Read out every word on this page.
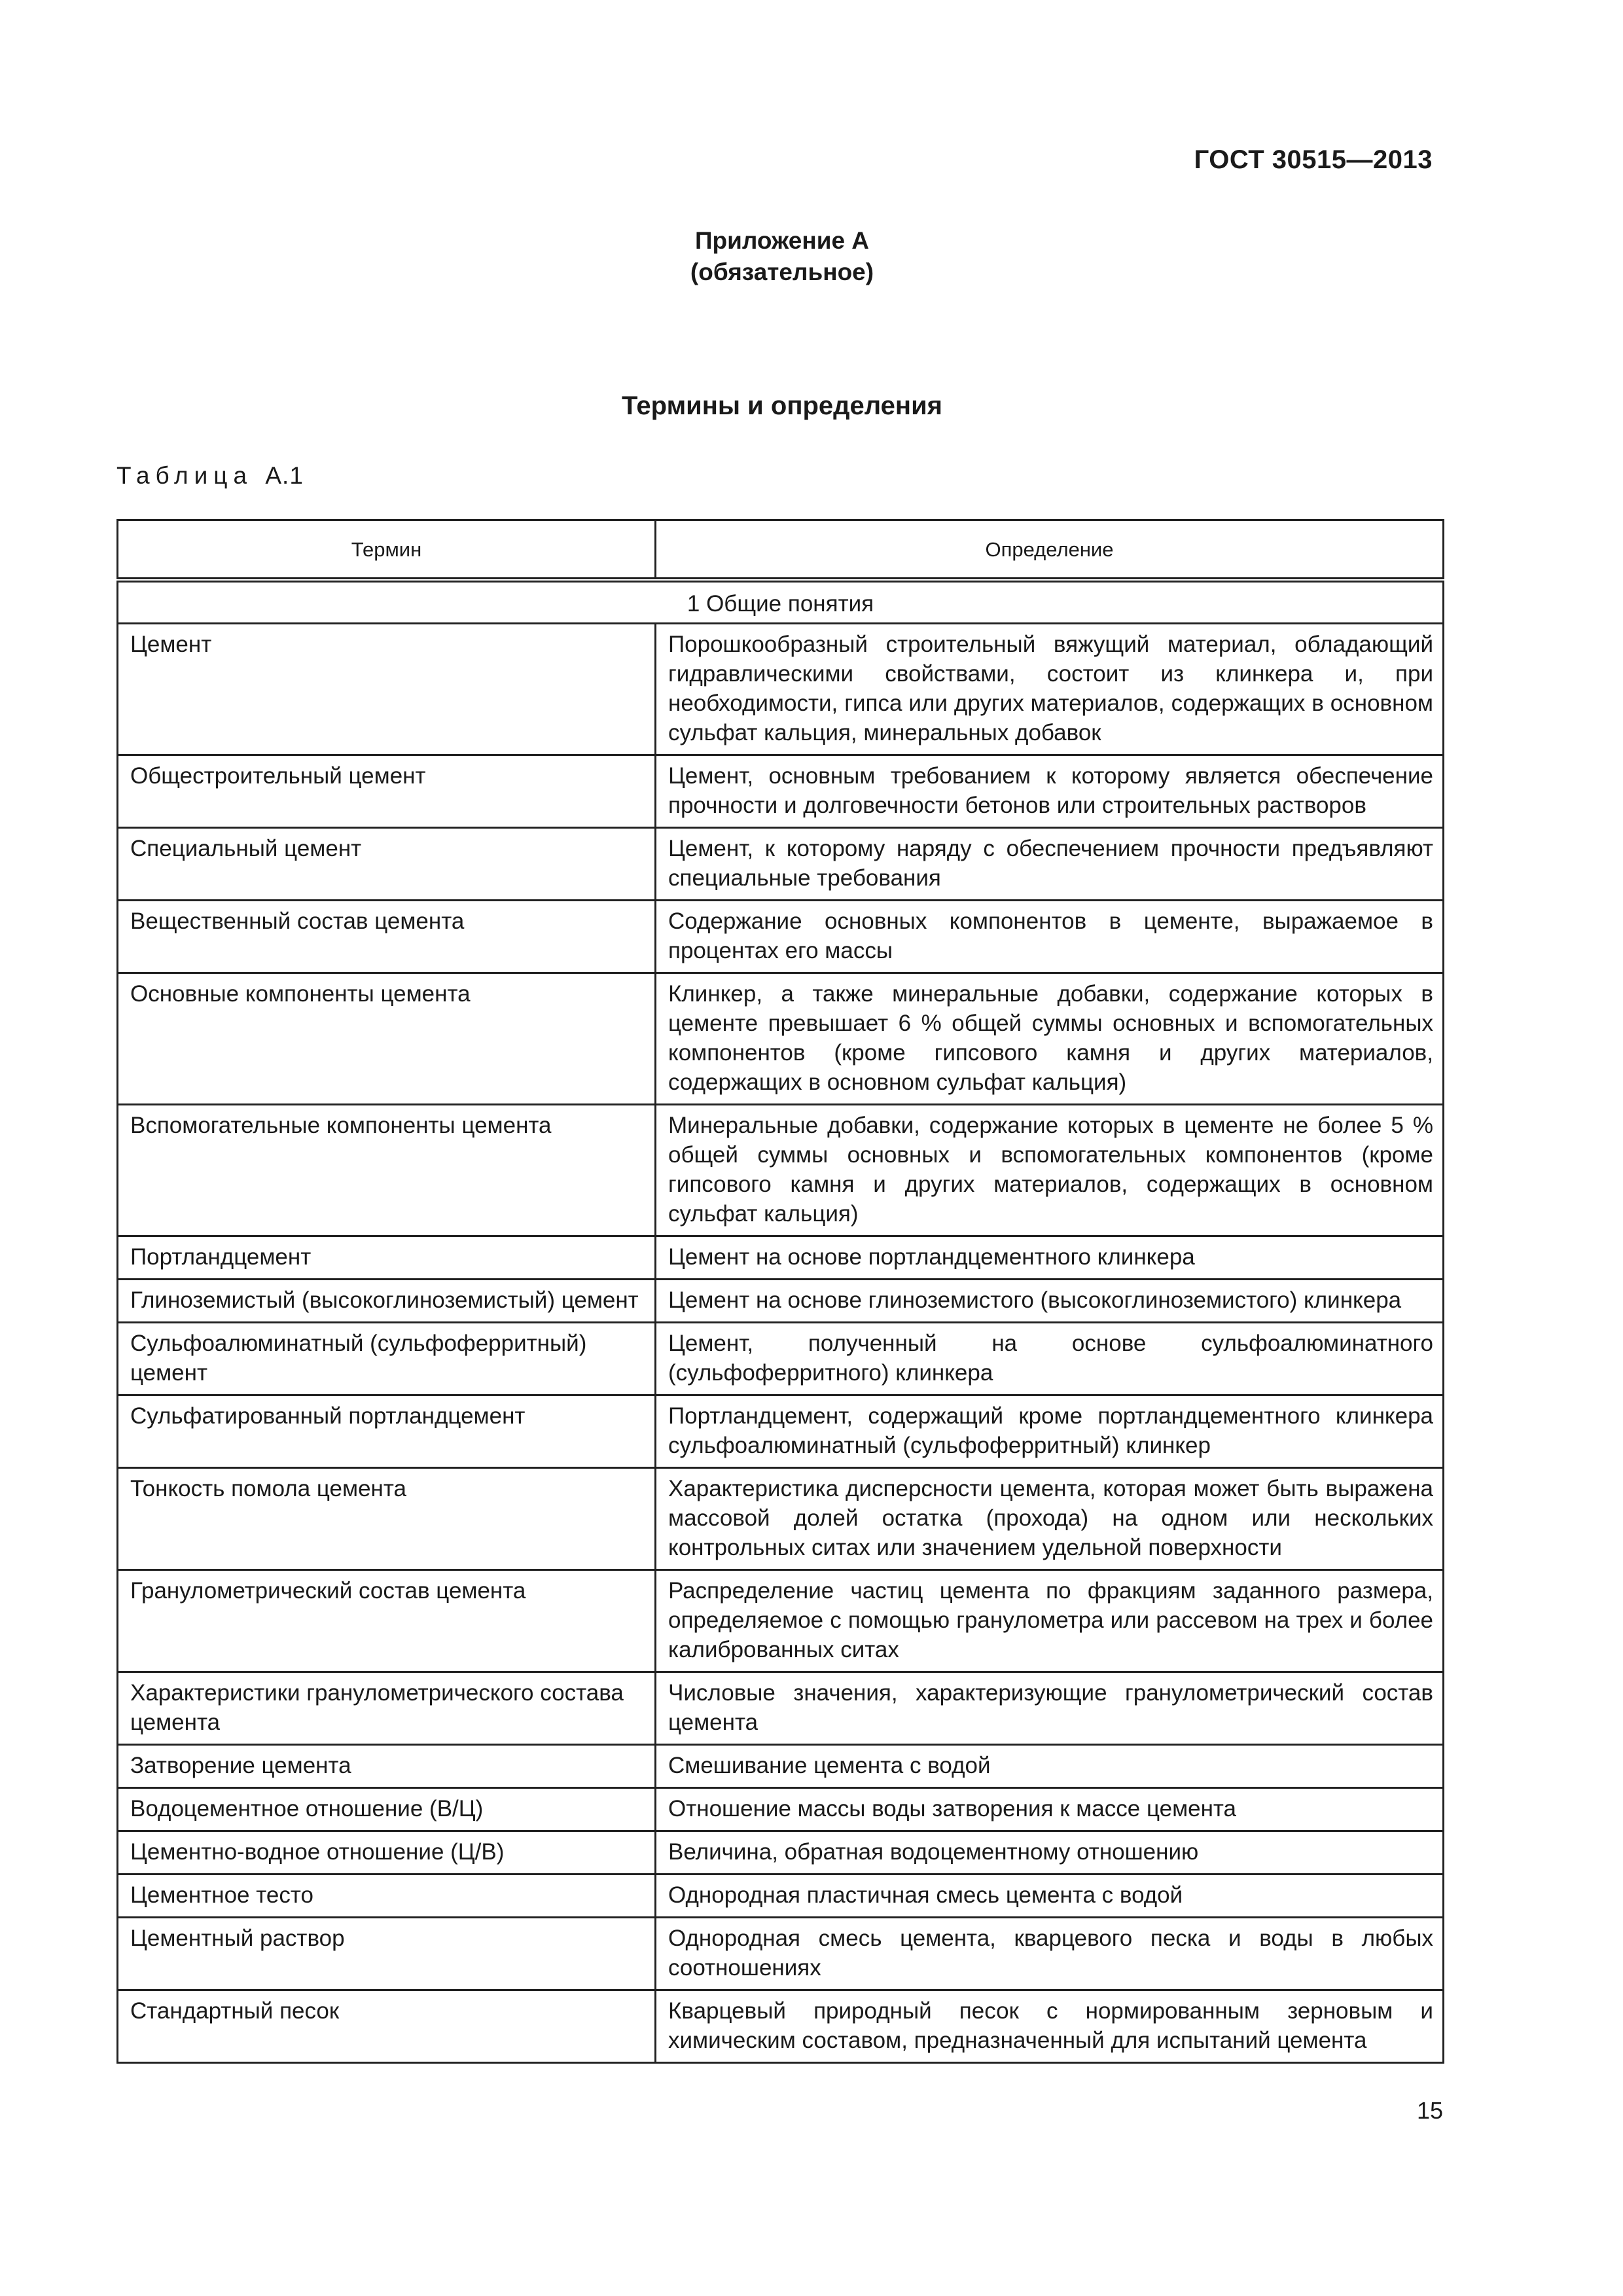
ГОСТ 30515—2013
Приложение А
(обязательное)
Термины и определения
Таблица А.1
Термин	Определение
1 Общие понятия	
Цемент	Порошкообразный строительный вяжущий материал, обладающий гидравлическими свойствами, состоит из клинкера и, при необходимости, гипса или других материалов, содержащих в основном сульфат кальция, минеральных добавок
Общестроительный цемент	Цемент, основным требованием к которому является обеспечение прочности и долговечности бетонов или строительных растворов
Специальный цемент	Цемент, к которому наряду с обеспечением прочности предъявляют специальные требования
Вещественный состав цемента	Содержание основных компонентов в цементе, выражаемое в процентах его массы
Основные компоненты цемента	Клинкер, а также минеральные добавки, содержание которых в цементе превышает 6 % общей суммы основных и вспомогательных компонентов (кроме гипсового камня и других материалов, содержащих в основном сульфат кальция)
Вспомогательные компоненты цемента	Минеральные добавки, содержание которых в цементе не более 5 % общей суммы основных и вспомогательных компонентов (кроме гипсового камня и других материалов, содержащих в основном сульфат кальция)
Портландцемент	Цемент на основе портландцементного клинкера
Глиноземистый (высокоглиноземистый) цемент	Цемент на основе глиноземистого (высокоглиноземистого) клинкера
Сульфоалюминатный (сульфоферритный) цемент	Цемент, полученный на основе сульфоалюминатного (сульфоферритного) клинкера
Сульфатированный портландцемент	Портландцемент, содержащий кроме портландцементного клинкера сульфоалюминатный (сульфоферритный) клинкер
Тонкость помола цемента	Характеристика дисперсности цемента, которая может быть выражена массовой долей остатка (прохода) на одном или нескольких контрольных ситах или значением удельной поверхности
Гранулометрический состав цемента	Распределение частиц цемента по фракциям заданного размера, определяемое с помощью гранулометра или рассевом на трех и более калиброванных ситах
Характеристики гранулометрического состава цемента	Числовые значения, характеризующие гранулометрический состав цемента
Затворение цемента	Смешивание цемента с водой
Водоцементное отношение (В/Ц)	Отношение массы воды затворения к массе цемента
Цементно-водное отношение (Ц/В)	Величина, обратная водоцементному отношению
Цементное тесто	Однородная пластичная смесь цемента с водой
Цементный раствор	Однородная смесь цемента, кварцевого песка и воды в любых соотношениях
Стандартный песок	Кварцевый природный песок с нормированным зерновым и химическим составом, предназначенный для испытаний цемента
15
